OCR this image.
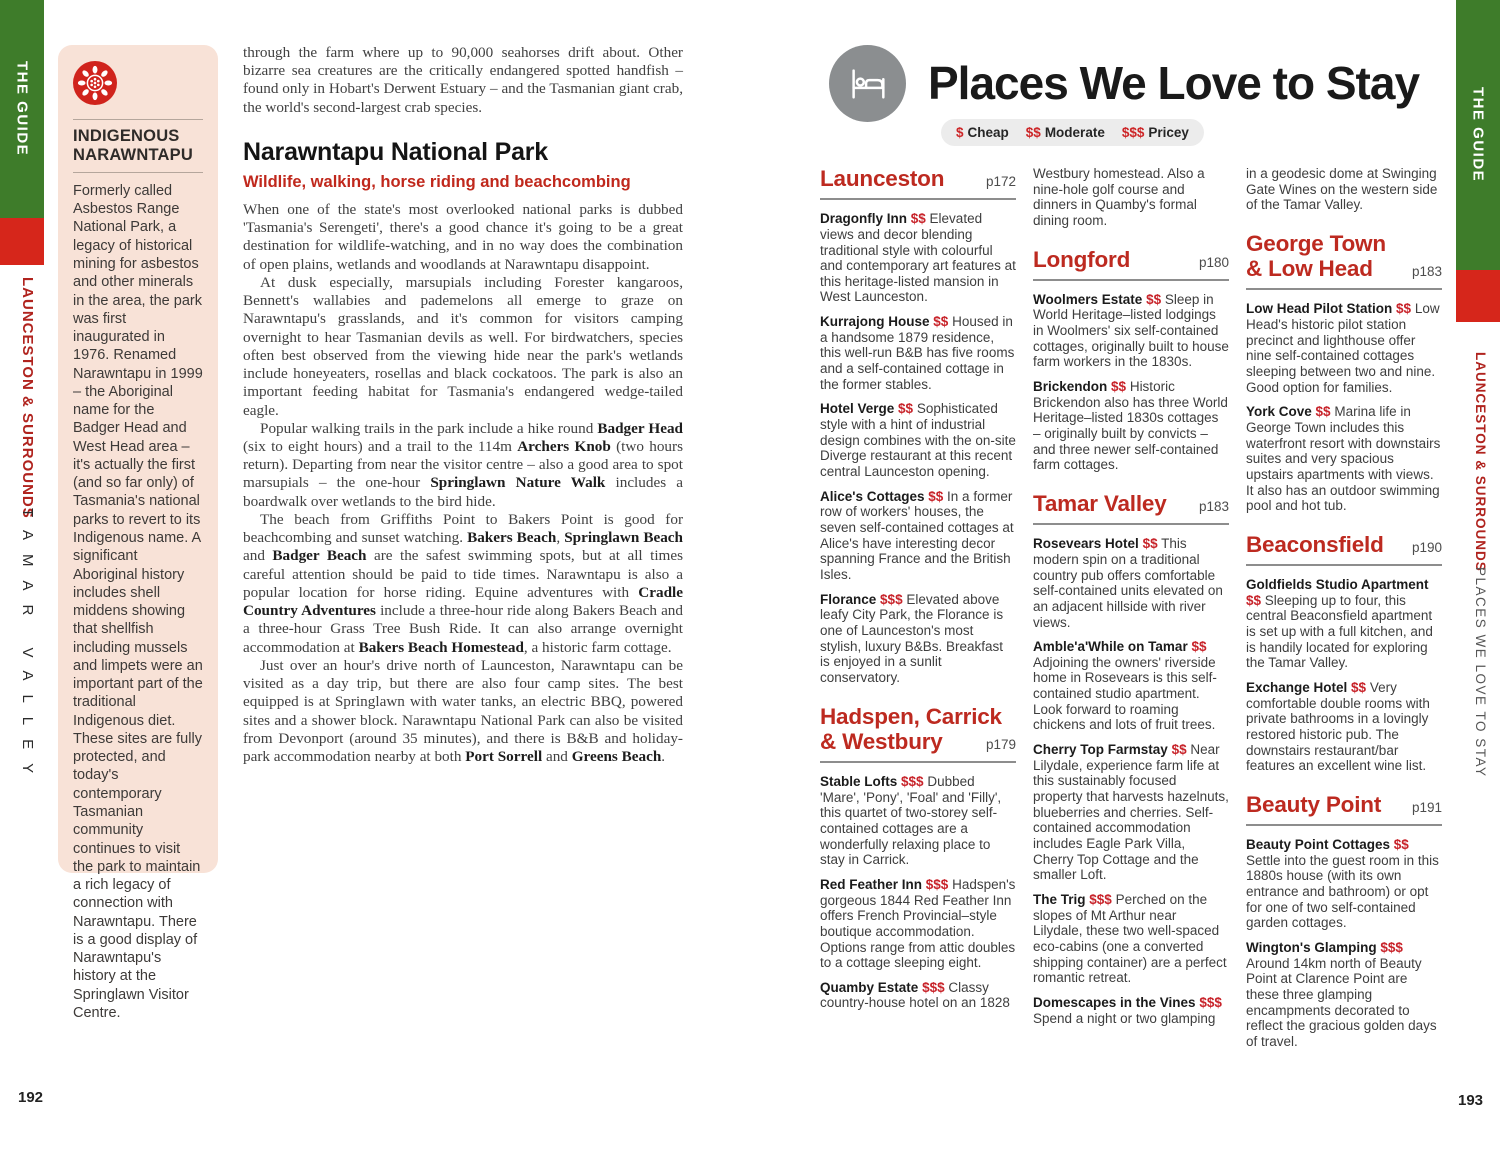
THE GUIDE
LAUNCESTON & SURROUNDS
TAMAR VALLEY
INDIGENOUS NARAWNTAPU
Formerly called Asbestos Range National Park, a legacy of historical mining for asbestos and other minerals in the area, the park was first inaugurated in 1976. Renamed Narawntapu in 1999 – the Aboriginal name for the Badger Head and West Head area – it's actually the first (and so far only) of Tasmania's national parks to revert to its Indigenous name. A significant Aboriginal history includes shell middens showing that shellfish including mussels and limpets were an important part of the traditional Indigenous diet. These sites are fully protected, and today's contemporary Tasmanian community continues to visit the park to maintain a rich legacy of connection with Narawntapu. There is a good display of Narawntapu's history at the Springlawn Visitor Centre.

through the farm where up to 90,000 seahorses drift about. Other bizarre sea creatures are the critically endangered spotted handfish – found only in Hobart's Derwent Estuary – and the Tasmanian giant crab, the world's second-largest crab species.

Narawntapu National Park

Wildlife, walking, horse riding and beachcombing

When one of the state's most overlooked national parks is dubbed 'Tasmania's Serengeti', there's a good chance it's going to be a great destination for wildlife-watching, and in no way does the combination of open plains, wetlands and woodlands at Narawntapu disappoint.

At dusk especially, marsupials including Forester kangaroos, Bennett's wallabies and pademelons all emerge to graze on Narawntapu's grasslands, and it's common for visitors camping overnight to hear Tasmanian devils as well. For birdwatchers, species often best observed from the viewing hide near the park's wetlands include honeyeaters, rosellas and black cockatoos. The park is also an important feeding habitat for Tasmania's endangered wedge-tailed eagle.

Popular walking trails in the park include a hike round Badger Head (six to eight hours) and a trail to the 114m Archers Knob (two hours return). Departing from near the visitor centre – also a good area to spot marsupials – the one-hour Springlawn Nature Walk includes a boardwalk over wetlands to the bird hide.

The beach from Griffiths Point to Bakers Point is good for beachcombing and sunset watching. Bakers Beach, Springlawn Beach and Badger Beach are the safest swimming spots, but at all times careful attention should be paid to tide times. Narawntapu is also a popular location for horse riding. Equine adventures with Cradle Country Adventures include a three-hour ride along Bakers Beach and a three-hour Grass Tree Bush Ride. It can also arrange overnight accommodation at Bakers Beach Homestead, a historic farm cottage.

Just over an hour's drive north of Launceston, Narawntapu can be visited as a day trip, but there are also four camp sites. The best equipped is at Springlawn with water tanks, an electric BBQ, powered sites and a shower block. Narawntapu National Park can also be visited from Devonport (around 35 minutes), and there is B&B and holiday-park accommodation nearby at both Port Sorrell and Greens Beach.

192
Places We Love to Stay
$ Cheap $$ Moderate $$$ Pricey
Launceston	p172

Dragonfly Inn $$ Elevated views and decor blending traditional style with colourful and contemporary art features at this heritage-listed mansion in West Launceston.

Kurrajong House $$ Housed in a handsome 1879 residence, this well-run B&B has five rooms and a self-contained cottage in the former stables.

Hotel Verge $$ Sophisticated style with a hint of industrial design combines with the on-site Diverge restaurant at this recent central Launceston opening.

Alice's Cottages $$ In a former row of workers' houses, the seven self-contained cottages at Alice's have interesting decor spanning France and the British Isles.

Florance $$$ Elevated above leafy City Park, the Florance is one of Launceston's most stylish, luxury B&Bs. Breakfast is enjoyed in a sunlit conservatory.

Hadspen, Carrick
& Westbury	p179

Stable Lofts $$$ Dubbed 'Mare', 'Pony', 'Foal' and 'Filly', this quartet of two-storey self-contained cottages are a wonderfully relaxing place to stay in Carrick.

Red Feather Inn $$$ Hadspen's gorgeous 1844 Red Feather Inn offers French Provincial–style boutique accommodation. Options range from attic doubles to a cottage sleeping eight.

Quamby Estate $$$ Classy country-house hotel on an 1828

Westbury homestead. Also a nine-hole golf course and dinners in Quamby's formal dining room.

Longford	p180

Woolmers Estate $$ Sleep in World Heritage–listed lodgings in Woolmers' six self-contained cottages, originally built to house farm workers in the 1830s.

Brickendon $$ Historic Brickendon also has three World Heritage–listed 1830s cottages – originally built by convicts – and three newer self-contained farm cottages.

Tamar Valley p183

Rosevears Hotel $$ This modern spin on a traditional country pub offers comfortable self-contained units elevated on an adjacent hillside with river views.

Amble'a'While on Tamar $$ Adjoining the owners' riverside home in Rosevears is this self-contained studio apartment. Look forward to roaming chickens and lots of fruit trees.

Cherry Top Farmstay $$ Near Lilydale, experience farm life at this sustainably focused property that harvests hazelnuts, blueberries and cherries. Self-contained accommodation includes Eagle Park Villa, Cherry Top Cottage and the smaller Loft.

The Trig $$$ Perched on the slopes of Mt Arthur near Lilydale, these two well-spaced eco-cabins (one a converted shipping container) are a perfect romantic retreat.

Domescapes in the Vines $$$ Spend a night or two glamping

in a geodesic dome at Swinging Gate Wines on the western side of the Tamar Valley.

George Town
& Low Head	p183

Low Head Pilot Station $$ Low Head's historic pilot station precinct and lighthouse offer nine self-contained cottages sleeping between two and nine. Good option for families.

York Cove $$ Marina life in George Town includes this waterfront resort with downstairs suites and very spacious upstairs apartments with views. It also has an outdoor swimming pool and hot tub.

Beaconsfield p190

Goldfields Studio Apartment $$ Sleeping up to four, this central Beaconsfield apartment is set up with a full kitchen, and is handily located for exploring the Tamar Valley.

Exchange Hotel $$ Very comfortable double rooms with private bathrooms in a lovingly restored historic pub. The downstairs restaurant/bar features an excellent wine list.

Beauty Point p191

Beauty Point Cottages $$ Settle into the guest room in this 1880s house (with its own entrance and bathroom) or opt for one of two self-contained garden cottages.

Wington's Glamping $$$ Around 14km north of Beauty Point at Clarence Point are these three glamping encampments decorated to reflect the gracious golden days of travel.

193
THE GUIDE
LAUNCESTON & SURROUNDS
PLACES WE LOVE TO STAY
